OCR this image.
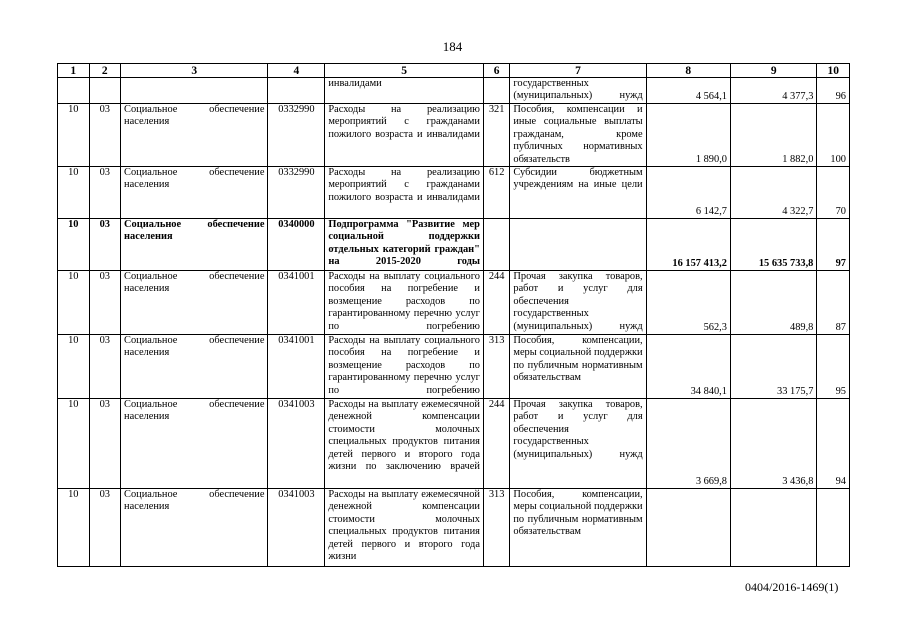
184
1	2	3	4	5	6	7	8	9	10
				инвалидами		государственных (муниципальных) нужд	4 564,1	4 377,3	96
10	03	Социальное обеспечение населения	0332990	Расходы на реализацию мероприятий с гражданами пожилого возраста и инвалидами	321	Пособия, компенсации и иные социальные выплаты гражданам, кроме публичных нормативных обязательств	1 890,0	1 882,0	100
10	03	Социальное обеспечение населения	0332990	Расходы на реализацию мероприятий с гражданами пожилого возраста и инвалидами	612	Субсидии бюджетным учреждениям на иные цели	6 142,7	4 322,7	70
10	03	Социальное обеспечение населения	0340000	Подпрограмма "Развитие мер социальной поддержки отдельных категорий граждан" на 2015-2020 годы			16 157 413,2	15 635 733,8	97
10	03	Социальное обеспечение населения	0341001	Расходы на выплату социального пособия на погребение и возмещение расходов по гарантированному перечню услуг по погребению	244	Прочая закупка товаров, работ и услуг для обеспечения государственных (муниципальных) нужд	562,3	489,8	87
10	03	Социальное обеспечение населения	0341001	Расходы на выплату социального пособия на погребение и возмещение расходов по гарантированному перечню услуг по погребению	313	Пособия, компенсации, меры социальной поддержки по публичным нормативным обязательствам	34 840,1	33 175,7	95
10	03	Социальное обеспечение населения	0341003	Расходы на выплату ежемесячной денежной компенсации стоимости молочных специальных продуктов питания детей первого и второго года жизни по заключению врачей	244	Прочая закупка товаров, работ и услуг для обеспечения государственных (муниципальных) нужд	3 669,8	3 436,8	94
10	03	Социальное обеспечение населения	0341003	Расходы на выплату ежемесячной денежной компенсации стоимости молочных специальных продуктов питания детей первого и второго года жизни	313	Пособия, компенсации, меры социальной поддержки по публичным нормативным обязательствам			
0404/2016-1469(1)
